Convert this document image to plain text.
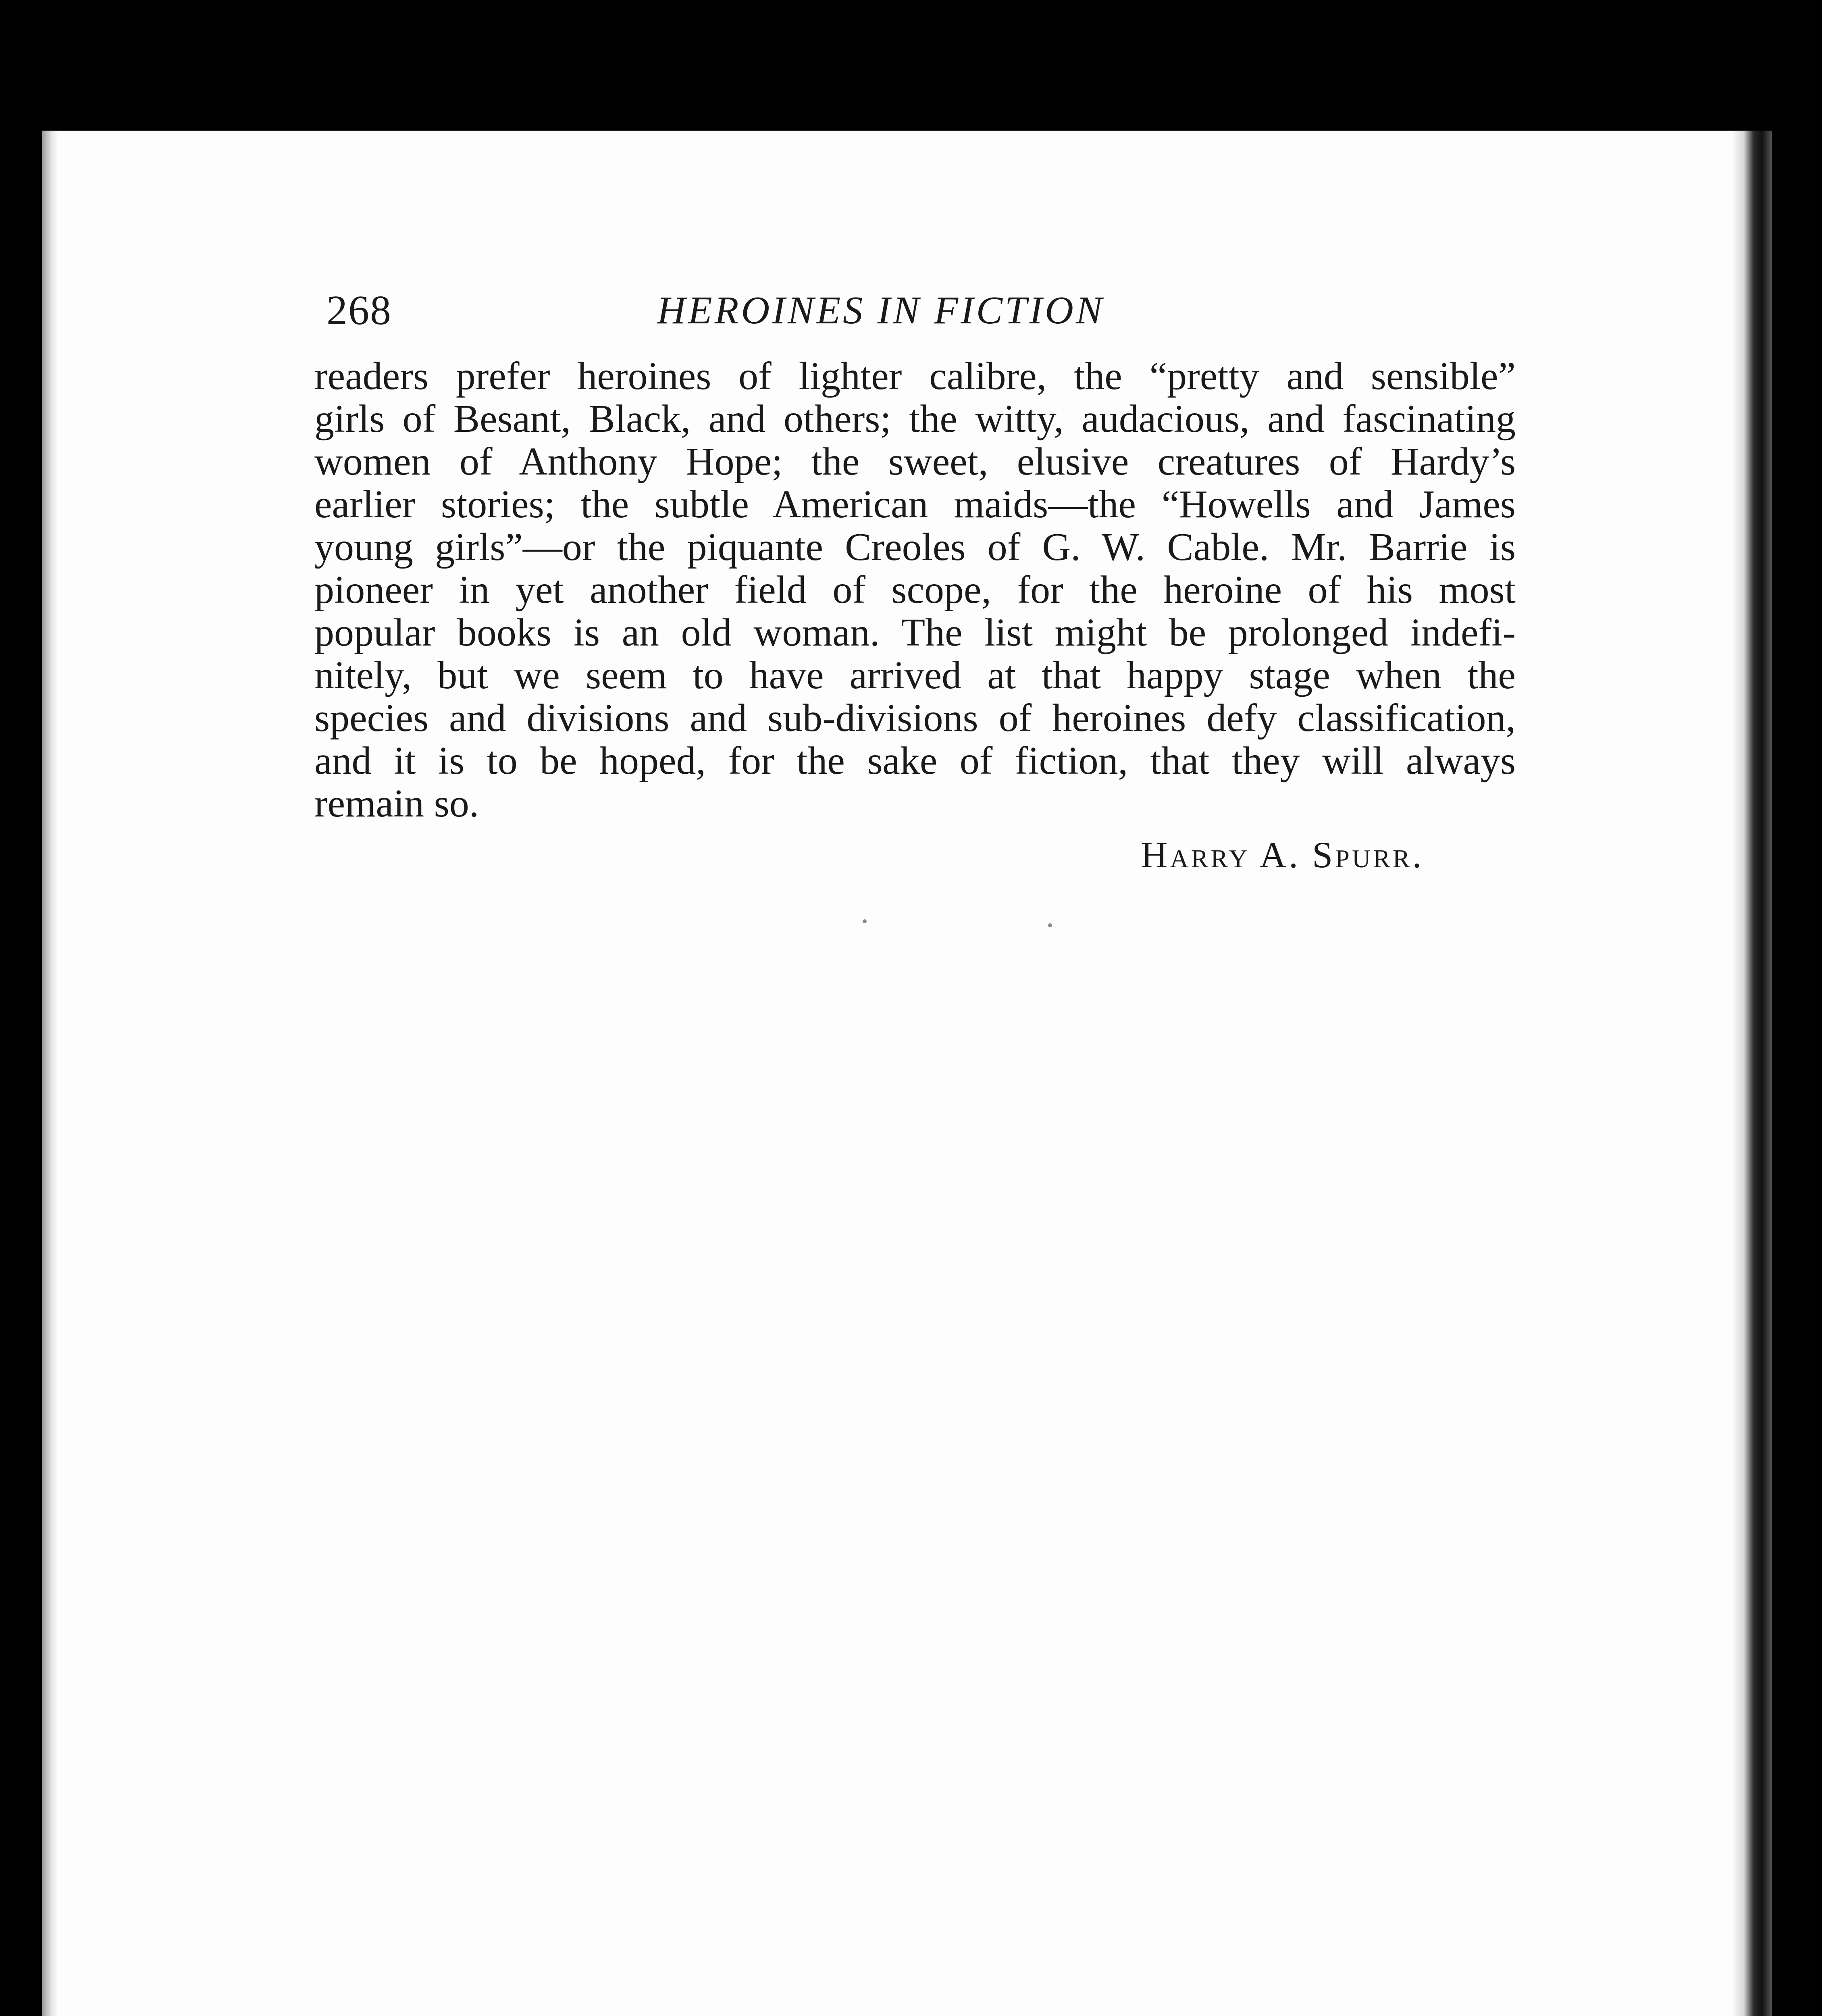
268	HEROINES IN FICTION

readers prefer heroines of lighter calibre, the “pretty and sensible”
girls of Besant, Black, and others; the witty, audacious, and fascinating
women of Anthony Hope; the sweet, elusive creatures of Hardy’s
earlier stories; the subtle American maids—the “Howells and James
young girls”—or the piquante Creoles of G. W. Cable. Mr. Barrie is
pioneer in yet another field of scope, for the heroine of his most
popular books is an old woman. The list might be prolonged indefi-
nitely, but we seem to have arrived at that happy stage when the
species and divisions and sub-divisions of heroines defy classification,
and it is to be hoped, for the sake of fiction, that they will always
remain so.

Harry A. Spurr.
